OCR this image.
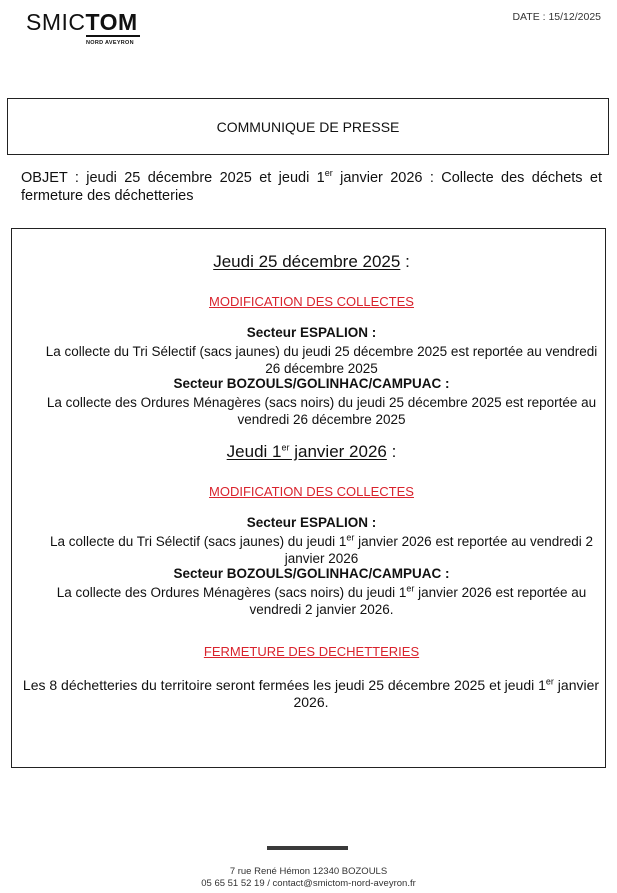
SMICTOM
NORD AVEYRON
DATE : 15/12/2025
COMMUNIQUE DE PRESSE
OBJET : jeudi 25 décembre 2025 et jeudi 1er janvier 2026 : Collecte des déchets et fermeture des déchetteries
Jeudi 25 décembre 2025 :
MODIFICATION DES COLLECTES
Secteur ESPALION :
La collecte du Tri Sélectif (sacs jaunes) du jeudi 25 décembre 2025 est reportée au vendredi 26 décembre 2025
Secteur BOZOULS/GOLINHAC/CAMPUAC :
La collecte des Ordures Ménagères (sacs noirs) du jeudi 25 décembre 2025 est reportée au vendredi 26 décembre 2025
Jeudi 1er janvier 2026 :
MODIFICATION DES COLLECTES
Secteur ESPALION :
La collecte du Tri Sélectif (sacs jaunes) du jeudi 1er janvier 2026 est reportée au vendredi 2 janvier 2026
Secteur BOZOULS/GOLINHAC/CAMPUAC :
La collecte des Ordures Ménagères (sacs noirs) du jeudi 1er janvier 2026 est reportée au vendredi 2 janvier 2026.
FERMETURE DES DECHETTERIES
Les 8 déchetteries du territoire seront fermées les jeudi 25 décembre 2025 et jeudi 1er janvier 2026.
7 rue René Hémon 12340 BOZOULS
05 65 51 52 19 / contact@smictom-nord-aveyron.fr
